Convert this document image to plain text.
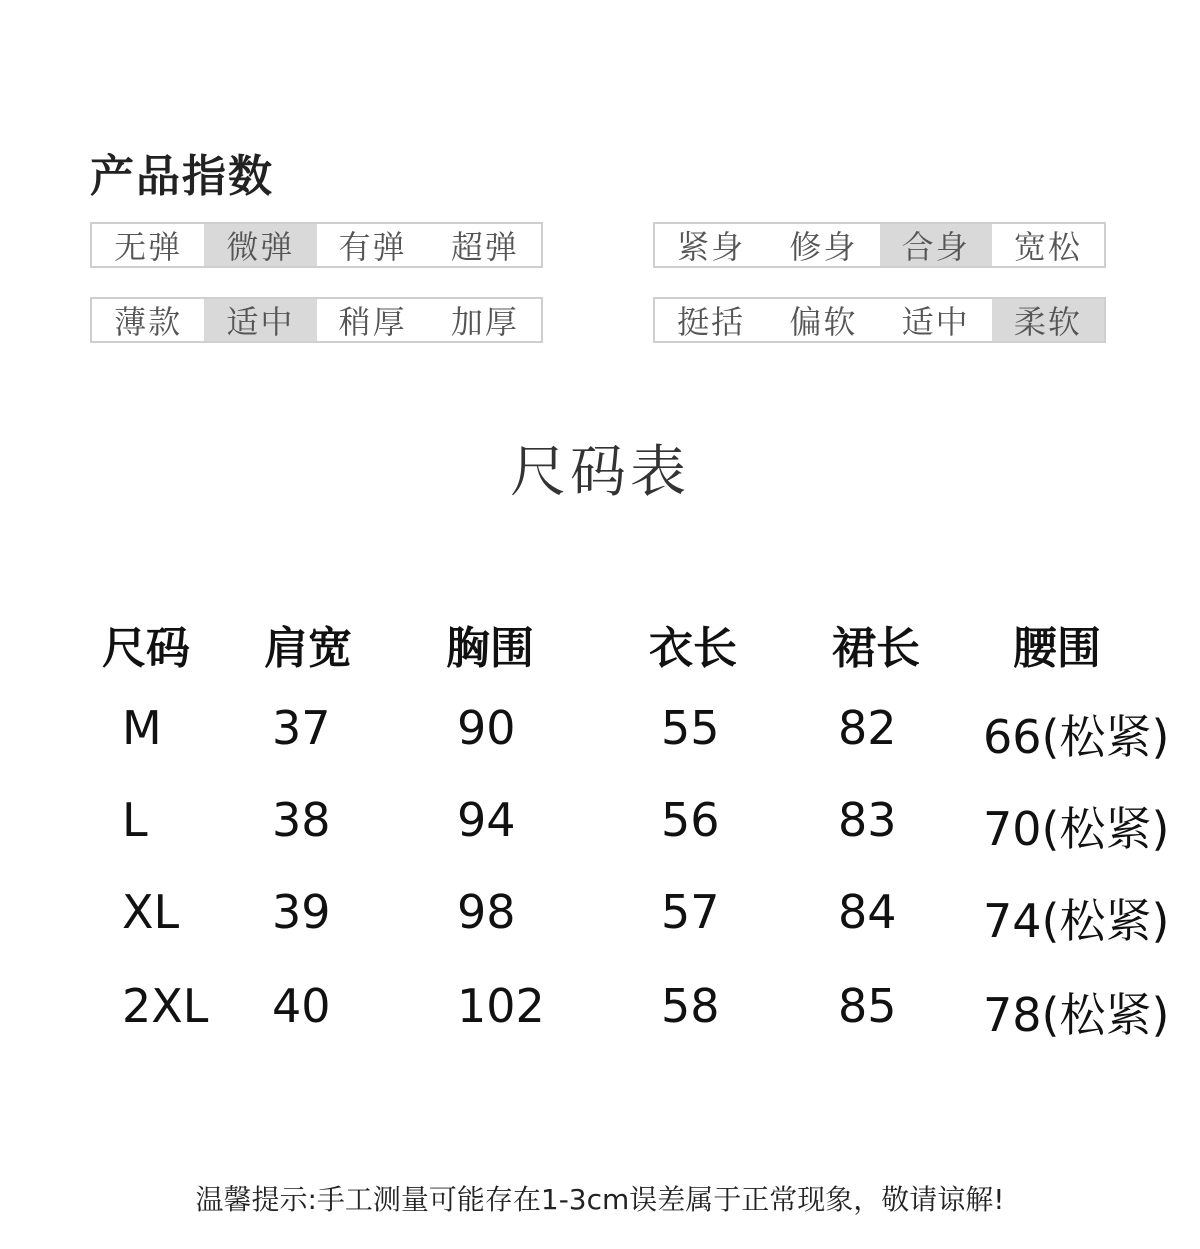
产品指数
无弹	微弹	有弹	超弹	紧身	修身	合身	宽松
薄款	适中	稍厚	加厚	挺括	偏软	适中	柔软
尺码表
尺码 肩宽 胸围	衣长 裙长 腰围
M 37	90	55	82 66(松紧)
L	38	94	56	83 70(松紧)
XL 39	98	57	84 74(松紧)
2XL 40	102	58	85 78(松紧)
温馨提示:手工测量可能存在1-3cm误差属于正常现象，敬请谅解!
